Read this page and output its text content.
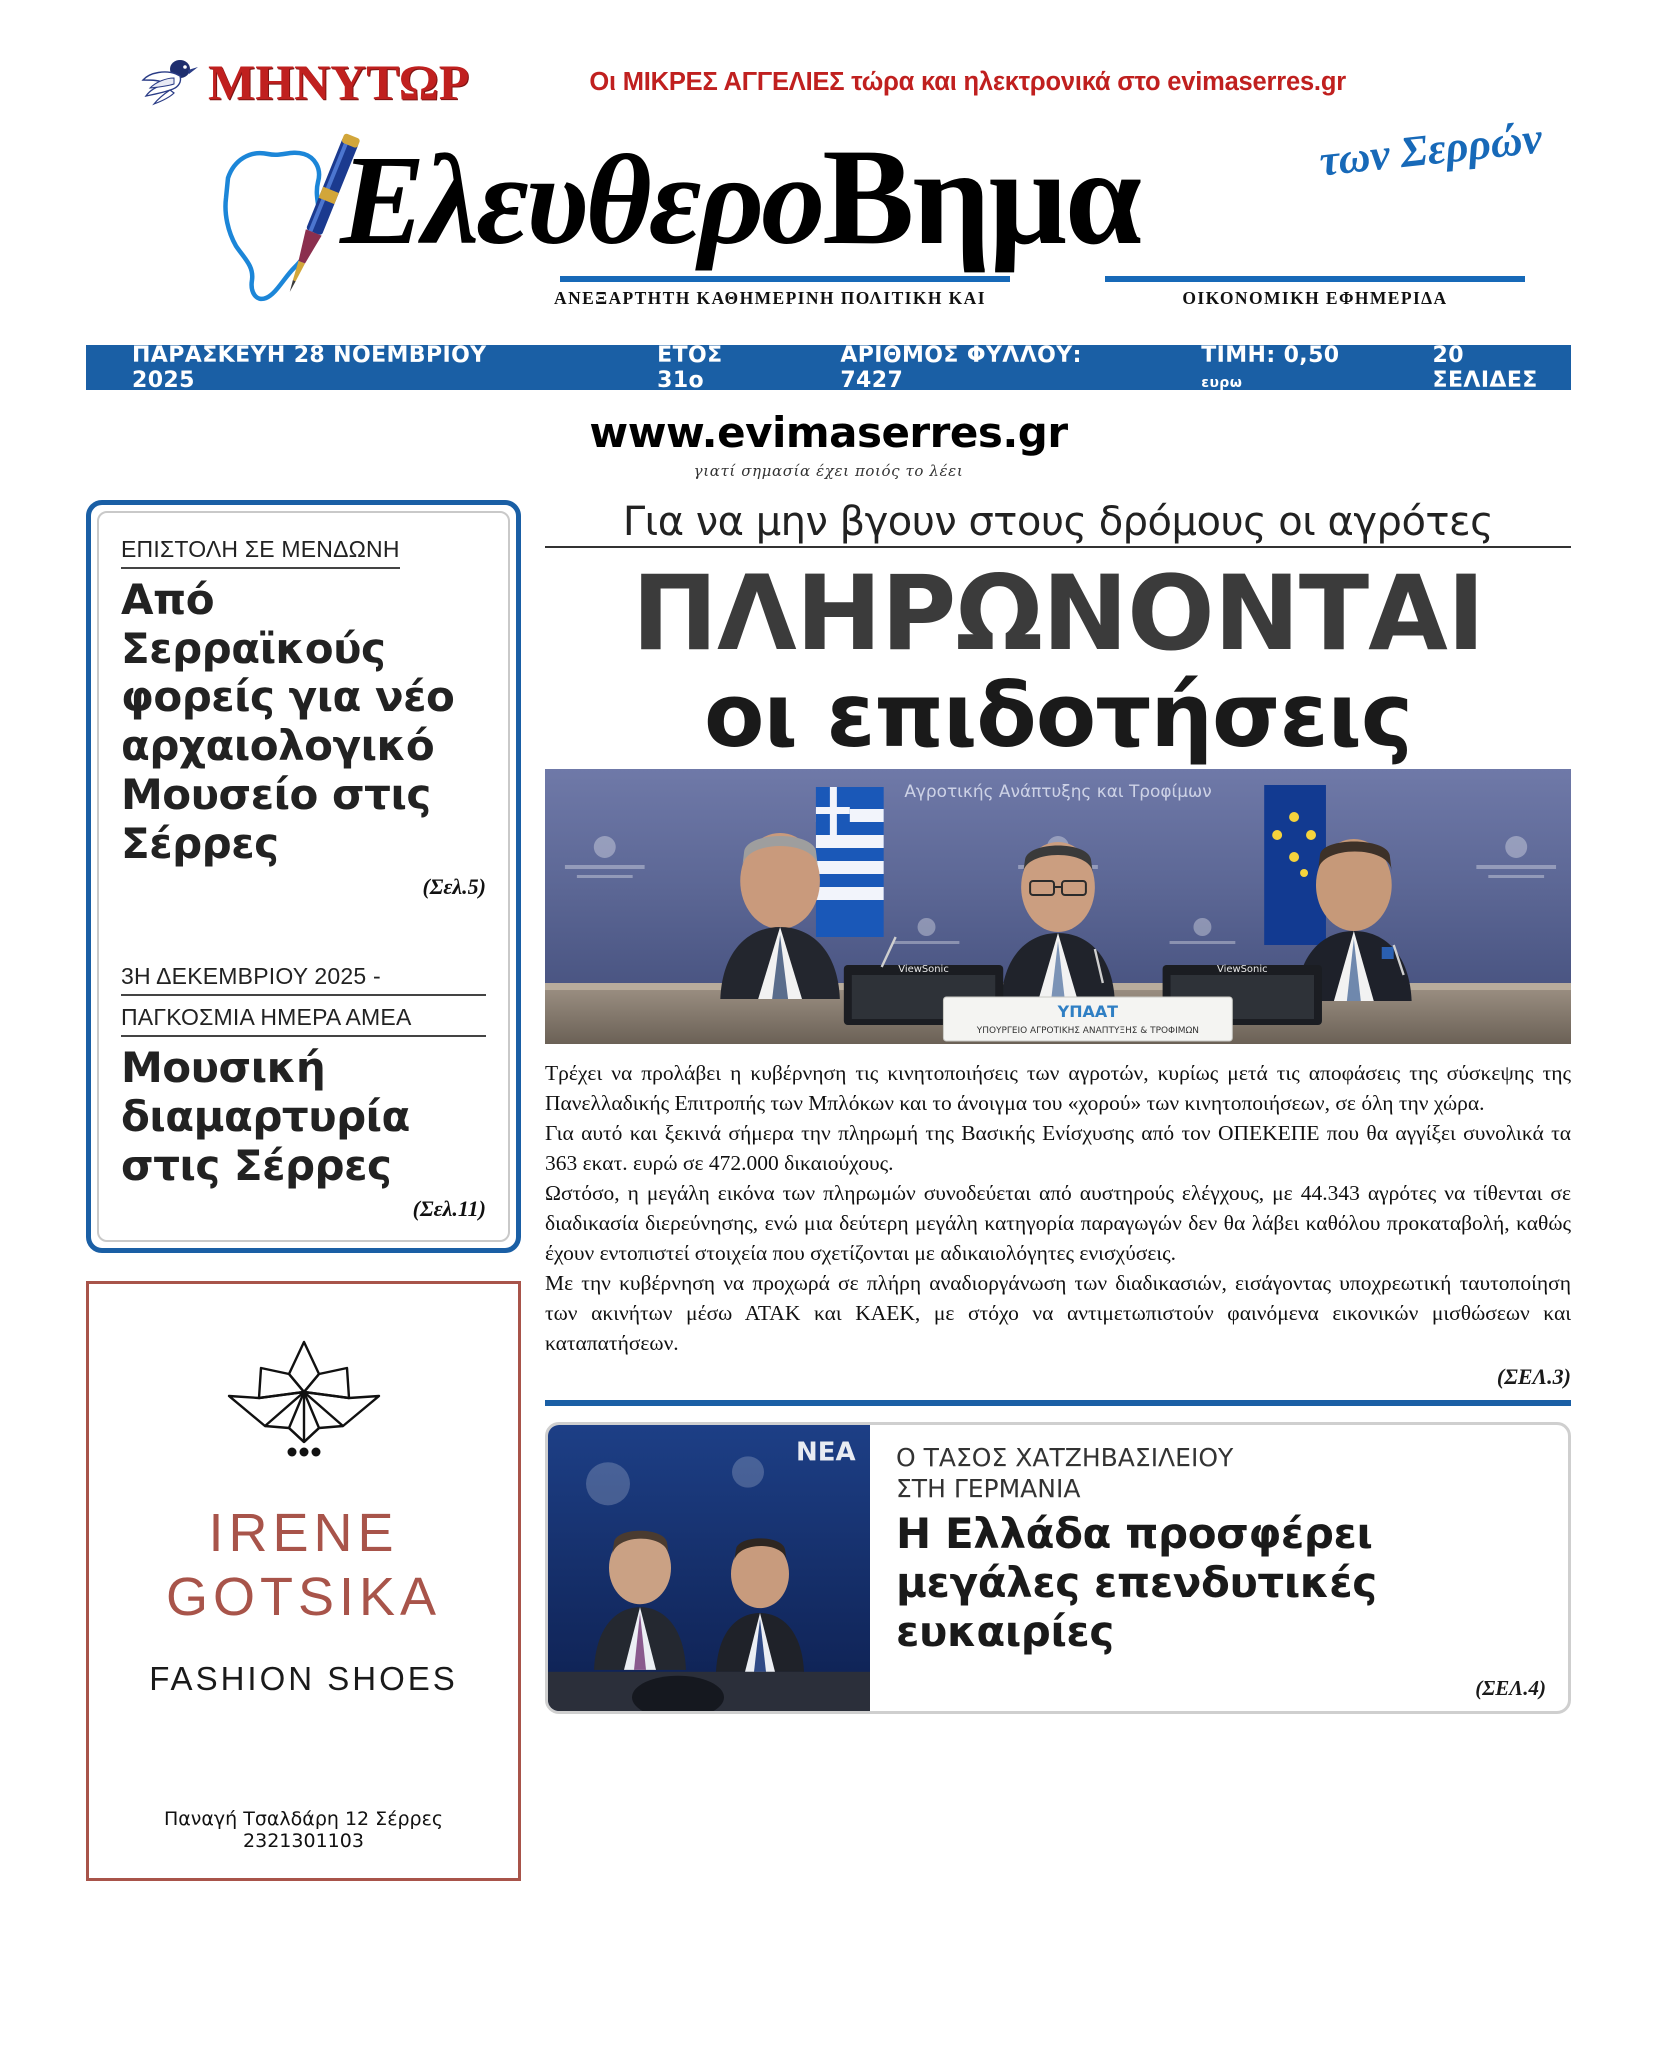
ΜΗΝΥΤΩΡ	Οι ΜΙΚΡΕΣ ΑΓΓΕΛΙΕΣ τώρα και ηλεκτρονικά στο evimaserres.gr
ΕλευθεροΒημα	των Σερρών
ΑΝΕΞΑΡΤΗΤΗ ΚΑΘΗΜΕΡΙΝΗ ΠΟΛΙΤΙΚΗ ΚΑΙ	ΟΙΚΟΝΟΜΙΚΗ ΕΦΗΜΕΡΙΔΑ
ΠΑΡΑΣΚΕΥΗ 28 ΝΟΕΜΒΡΙΟΥ 2025
ΕΤΟΣ 31ο
ΑΡΙΘΜΟΣ ΦΥΛΛΟΥ: 7427
ΤΙΜΗ: 0,50 ευρω
20 ΣΕΛΙΔΕΣ
www.evimaserres.gr
γιατί σημασία έχει ποιός το λέει
ΕΠΙΣΤΟΛΗ ΣΕ ΜΕΝΔΩΝΗ
Από Σερραϊκούς φορείς για νέο αρχαιολογικό Μουσείο στις Σέρρες
(Σελ.5)
3Η ΔΕΚΕΜΒΡΙΟΥ 2025 -
ΠΑΓΚΟΣΜΙΑ ΗΜΕΡΑ ΑΜΕΑ
Μουσική διαμαρτυρία στις Σέρρες
(Σελ.11)
IRENE
GOTSIKA
FASHION SHOES
Παναγή Τσαλδάρη 12 Σέρρες 2321301103
Για να μην βγουν στους δρόμους οι αγρότες
ΠΛΗΡΩΝΟΝΤΑΙ
οι επιδοτήσεις
Αγροτικής Ανάπτυξης και Τροφίμων
ViewSonic	ViewSonic
ΥΠΑΑΤ
ΥΠΟΥΡΓΕΙΟ ΑΓΡΟΤΙΚΗΣ ΑΝΑΠΤΥΞΗΣ & ΤΡΟΦΙΜΩΝ

Τρέχει να προλάβει η κυβέρνηση τις κινητοποιήσεις των αγροτών, κυρίως μετά τις αποφάσεις της σύσκεψης της Πανελλαδικής Επιτροπής των Μπλόκων και το άνοιγμα του «χορού» των κινητοποιήσεων, σε όλη την χώρα.

Για αυτό και ξεκινά σήμερα την πληρωμή της Βασικής Ενίσχυσης από τον ΟΠΕΚΕΠΕ που θα αγγίξει συνολικά τα 363 εκατ. ευρώ σε 472.000 δικαιούχους.

Ωστόσο, η μεγάλη εικόνα των πληρωμών συνοδεύεται από αυστηρούς ελέγχους, με 44.343 αγρότες να τίθενται σε διαδικασία διερεύνησης, ενώ μια δεύτερη μεγάλη κατηγορία παραγωγών δεν θα λάβει καθόλου προκαταβολή, καθώς έχουν εντοπιστεί στοιχεία που σχετίζονται με αδικαιολόγητες ενισχύσεις.

Με την κυβέρνηση να προχωρά σε πλήρη αναδιοργάνωση των διαδικασιών, εισάγοντας υποχρεωτική ταυτοποίηση των ακινήτων μέσω ΑΤΑΚ και ΚΑΕΚ, με στόχο να αντιμετωπιστούν φαινόμενα εικονικών μισθώσεων και καταπατήσεων.

(ΣΕΛ.3)
ΝΕΑ Ο ΤΑΣΟΣ ΧΑΤΖΗΒΑΣΙΛΕΙΟΥ
ΣΤΗ ΓΕΡΜΑΝΙΑ
Η Ελλάδα προσφέρει μεγάλες επενδυτικές ευκαιρίες
(ΣΕΛ.4)
